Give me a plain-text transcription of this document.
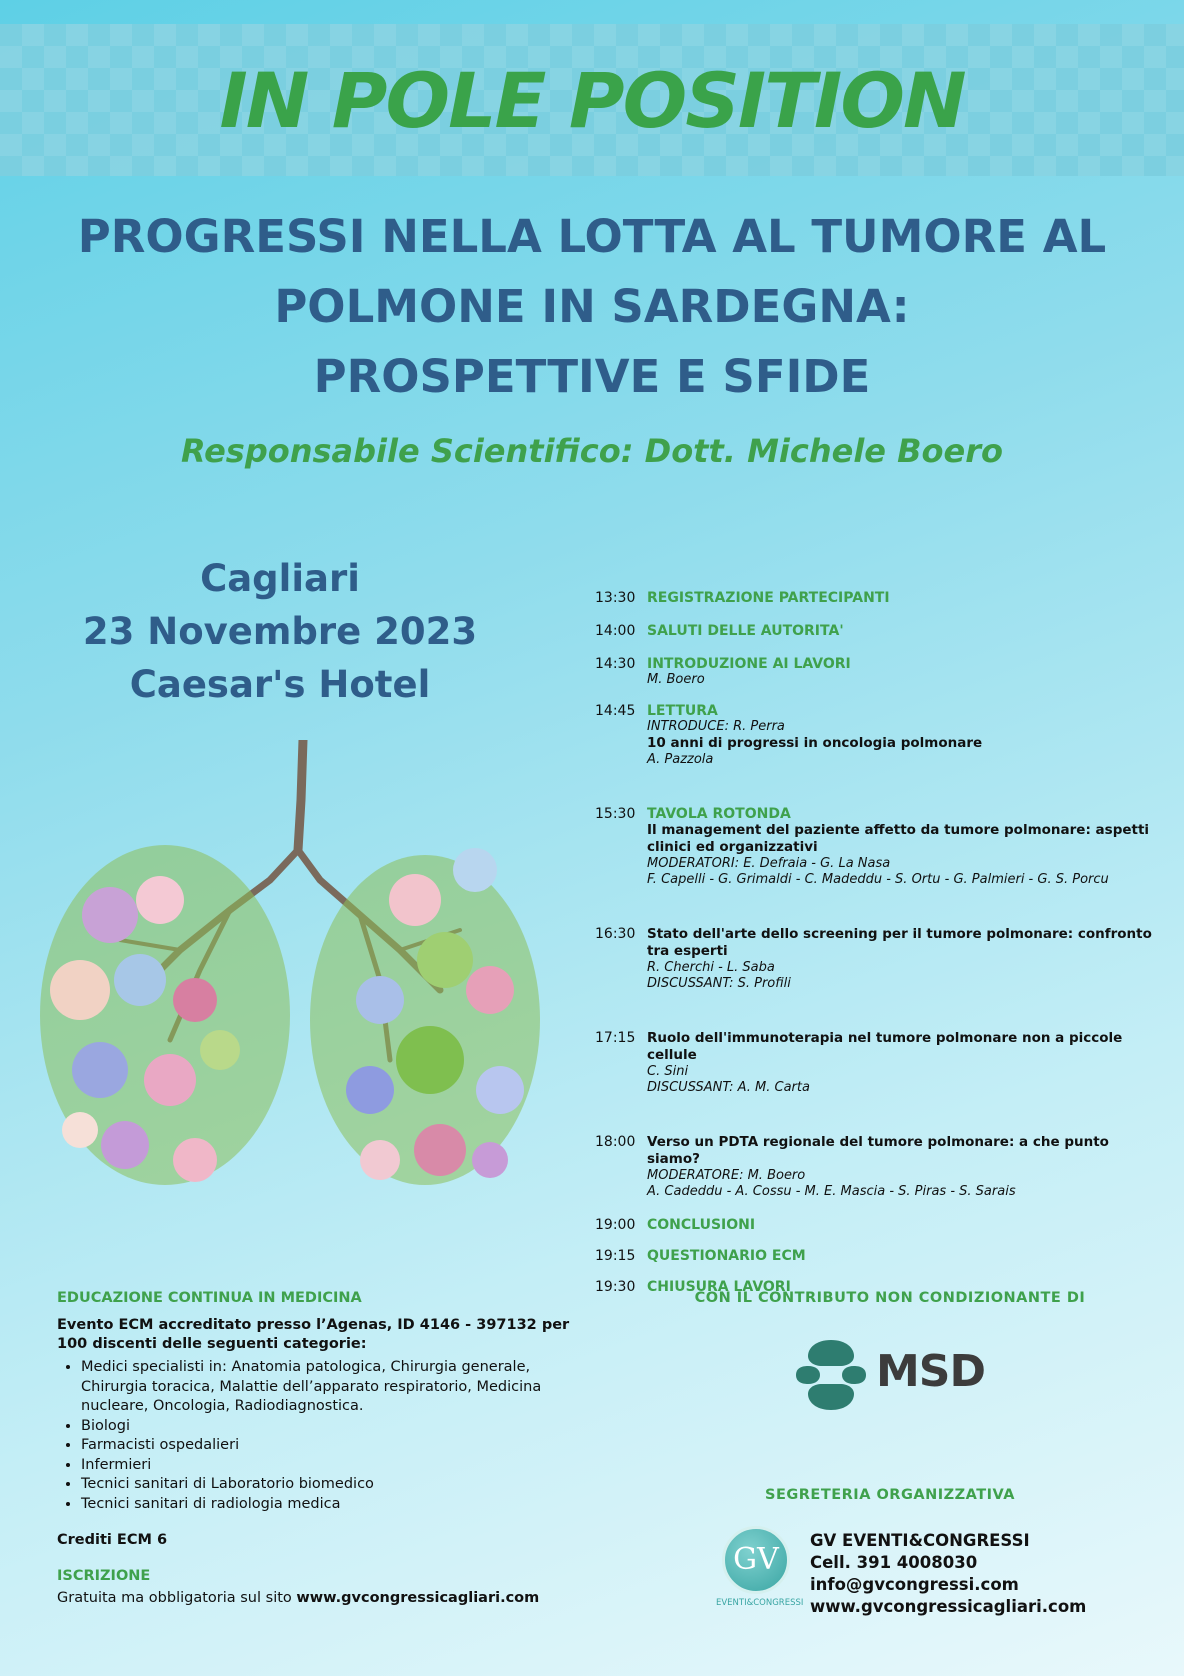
IN POLE POSITION
PROGRESSI NELLA LOTTA AL TUMORE AL
POLMONE IN SARDEGNA:
PROSPETTIVE E SFIDE
Responsabile Scientifico: Dott. Michele Boero
Cagliari
23 Novembre 2023
Caesar's Hotel
13:30 REGISTRAZIONE PARTECIPANTI
14:00 SALUTI DELLE AUTORITA'
14:30 INTRODUZIONE AI LAVORI
M. Boero
14:45 LETTURA
INTRODUCE: R. Perra
10 anni di progressi in oncologia polmonare
A. Pazzola
15:30 TAVOLA ROTONDA
Il management del paziente affetto da tumore polmonare: aspetti clinici ed organizzativi
MODERATORI: E. Defraia - G. La Nasa
F. Capelli - G. Grimaldi - C. Madeddu - S. Ortu - G. Palmieri - G. S. Porcu
16:30 Stato dell'arte dello screening per il tumore polmonare: confronto tra esperti
R. Cherchi - L. Saba
DISCUSSANT: S. Profili
17:15 Ruolo dell'immunoterapia nel tumore polmonare non a piccole cellule
C. Sini
DISCUSSANT: A. M. Carta
18:00 Verso un PDTA regionale del tumore polmonare: a che punto siamo?
MODERATORE: M. Boero
A. Cadeddu - A. Cossu - M. E. Mascia - S. Piras - S. Sarais
19:00 CONCLUSIONI
19:15 QUESTIONARIO ECM
19:30 CHIUSURA LAVORI
EDUCAZIONE CONTINUA IN MEDICINA
Evento ECM accreditato presso l’Agenas, ID 4146 - 397132 per 100 discenti delle seguenti categorie:
• Medici specialisti in: Anatomia patologica, Chirurgia generale, Chirurgia toracica, Malattie dell’apparato respiratorio, Medicina nucleare, Oncologia, Radiodiagnostica.
• Biologi
• Farmacisti ospedalieri
• Infermieri
• Tecnici sanitari di Laboratorio biomedico
• Tecnici sanitari di radiologia medica
Crediti ECM 6
ISCRIZIONE
Gratuita ma obbligatoria sul sito www.gvcongressicagliari.com
CON IL CONTRIBUTO NON CONDIZIONANTE DI
MSD
SEGRETERIA ORGANIZZATIVA
GV
EVENTI&CONGRESSI
GV EVENTI&CONGRESSI
Cell. 391 4008030
info@gvcongressi.com
www.gvcongressicagliari.com
